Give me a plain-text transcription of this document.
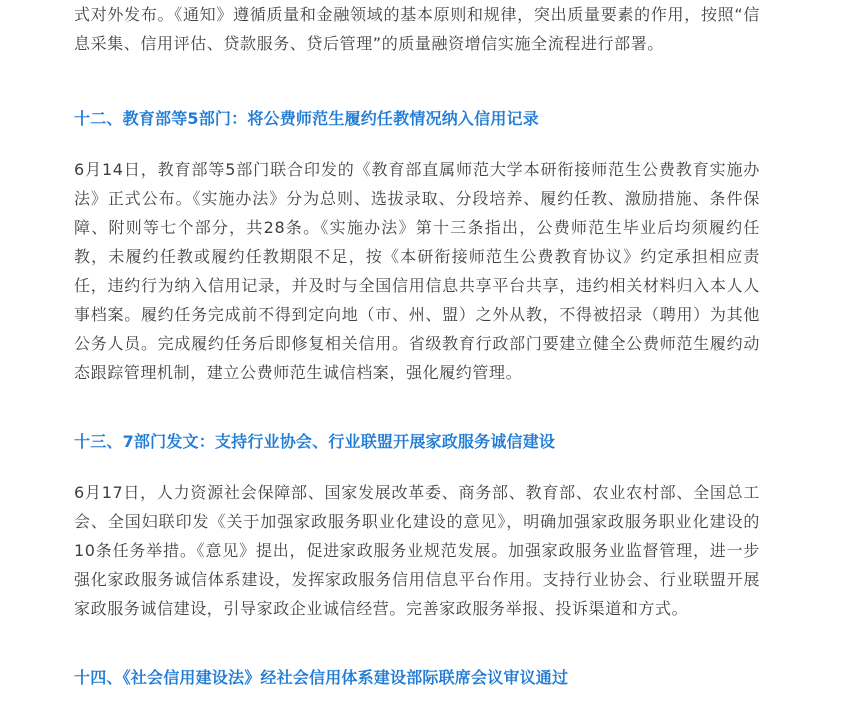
式对外发布。《通知》遵循质量和金融领域的基本原则和规律，突出质量要素的作用，按照“信息采集、信用评估、贷款服务、贷后管理”的质量融资增信实施全流程进行部署。

十二、教育部等5部门：将公费师范生履约任教情况纳入信用记录

6月14日，教育部等5部门联合印发的《教育部直属师范大学本研衔接师范生公费教育实施办法》正式公布。《实施办法》分为总则、选拔录取、分段培养、履约任教、激励措施、条件保障、附则等七个部分，共28条。《实施办法》第十三条指出，公费师范生毕业后均须履约任教，未履约任教或履约任教期限不足，按《本研衔接师范生公费教育协议》约定承担相应责任，违约行为纳入信用记录，并及时与全国信用信息共享平台共享，违约相关材料归入本人人事档案。履约任务完成前不得到定向地（市、州、盟）之外从教，不得被招录（聘用）为其他公务人员。完成履约任务后即修复相关信用。省级教育行政部门要建立健全公费师范生履约动态跟踪管理机制，建立公费师范生诚信档案，强化履约管理。

十三、7部门发文：支持行业协会、行业联盟开展家政服务诚信建设

6月17日，人力资源社会保障部、国家发展改革委、商务部、教育部、农业农村部、全国总工会、全国妇联印发《关于加强家政服务职业化建设的意见》，明确加强家政服务职业化建设的10条任务举措。《意见》提出，促进家政服务业规范发展。加强家政服务业监督管理，进一步强化家政服务诚信体系建设，发挥家政服务信用信息平台作用。支持行业协会、行业联盟开展家政服务诚信建设，引导家政企业诚信经营。完善家政服务举报、投诉渠道和方式。

十四、《社会信用建设法》经社会信用体系建设部际联席会议审议通过
